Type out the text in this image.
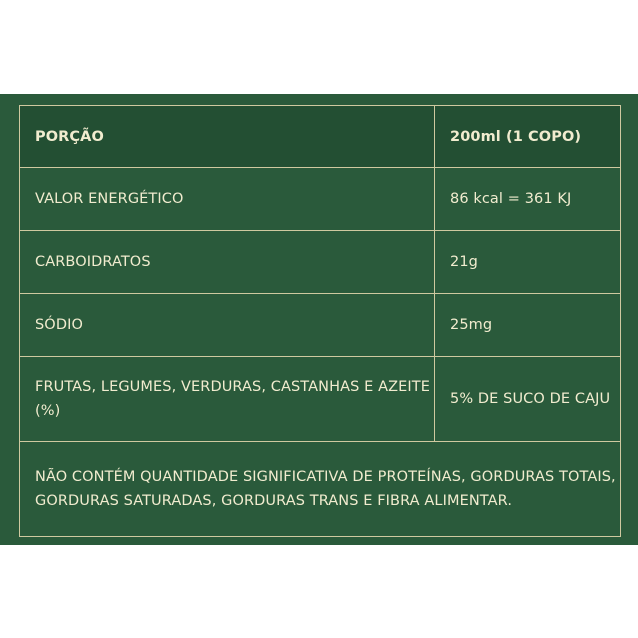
PORÇÃO	200ml (1 COPO)
VALOR ENERGÉTICO	86 kcal = 361 KJ
CARBOIDRATOS	21g
SÓDIO	25mg
FRUTAS, LEGUMES, VERDURAS, CASTANHAS E AZEITE (%)	5% DE SUCO DE CAJU
NÃO CONTÉM QUANTIDADE SIGNIFICATIVA DE PROTEÍNAS, GORDURAS TOTAIS, GORDURAS SATURADAS, GORDURAS TRANS E FIBRA ALIMENTAR.	
